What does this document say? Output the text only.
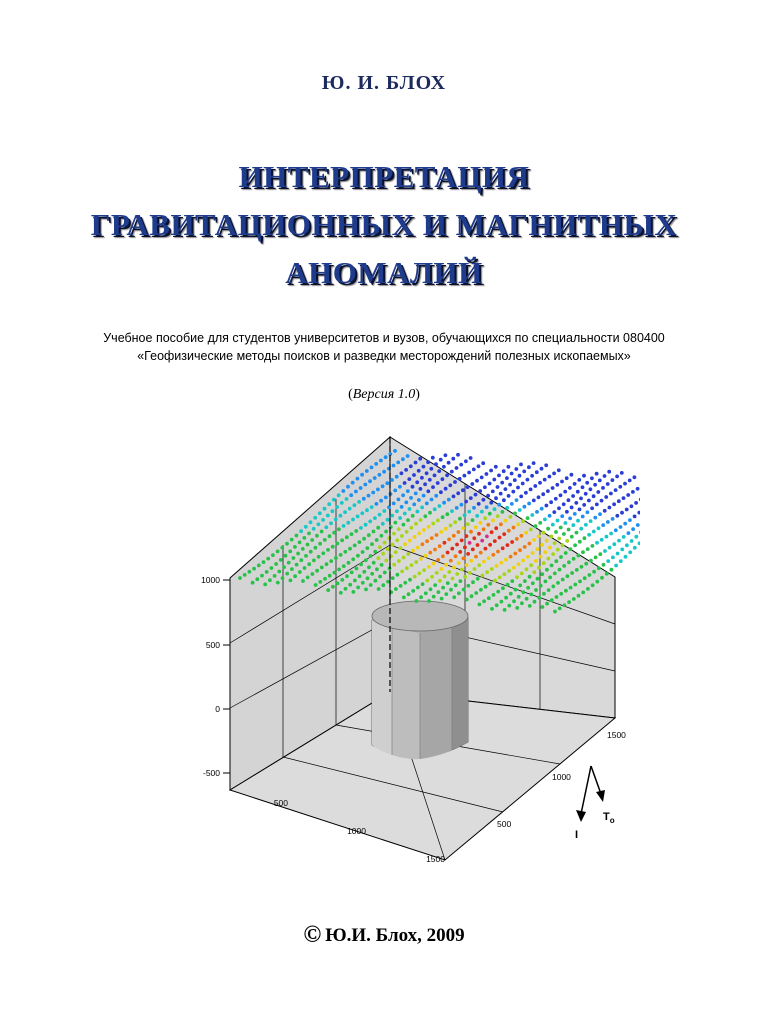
Ю. И. БЛОХ
ИНТЕРПРЕТАЦИЯ
ГРАВИТАЦИОННЫХ И МАГНИТНЫХ
АНОМАЛИЙ
Учебное пособие для студентов университетов и вузов, обучающихся по специальности 080400
«Геофизические методы поисков и разведки месторождений полезных ископаемых»
(Версия 1.0)
1000
500
0
-500
500
1000
1500
500
1000
1500
I
$T_o$
© Ю.И. Блох, 2009
